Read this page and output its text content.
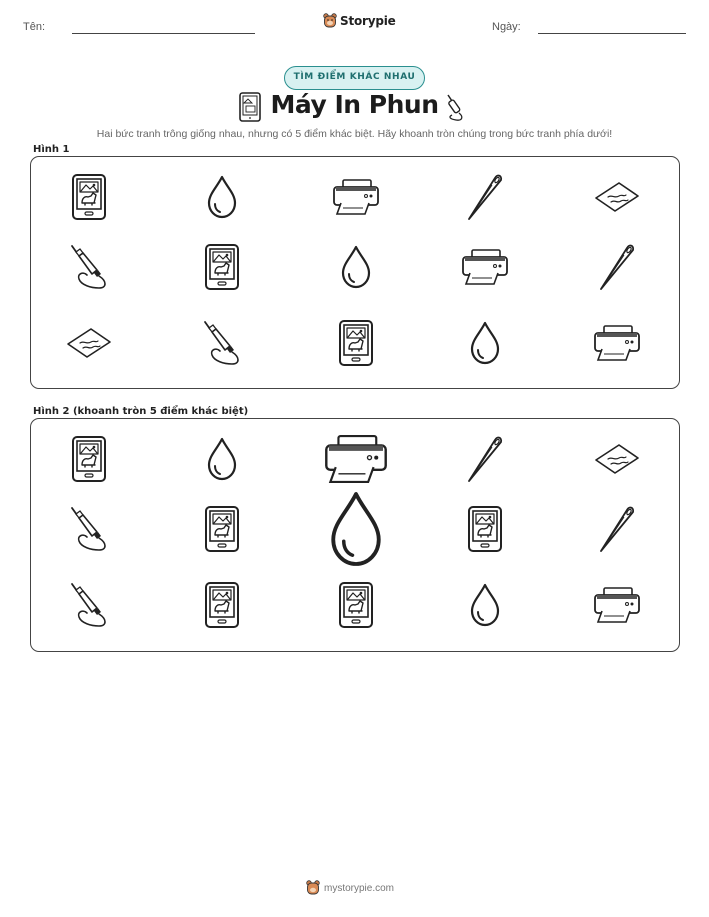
Tên:	Storypie	Ngày:
TÌM ĐIỂM KHÁC NHAU
Máy In Phun
Hai bức tranh trông giống nhau, nhưng có 5 điểm khác biệt. Hãy khoanh tròn chúng trong bức tranh phía dưới!
Hình 1
Hình 2 (khoanh tròn 5 điểm khác biệt)
mystorypie.com
